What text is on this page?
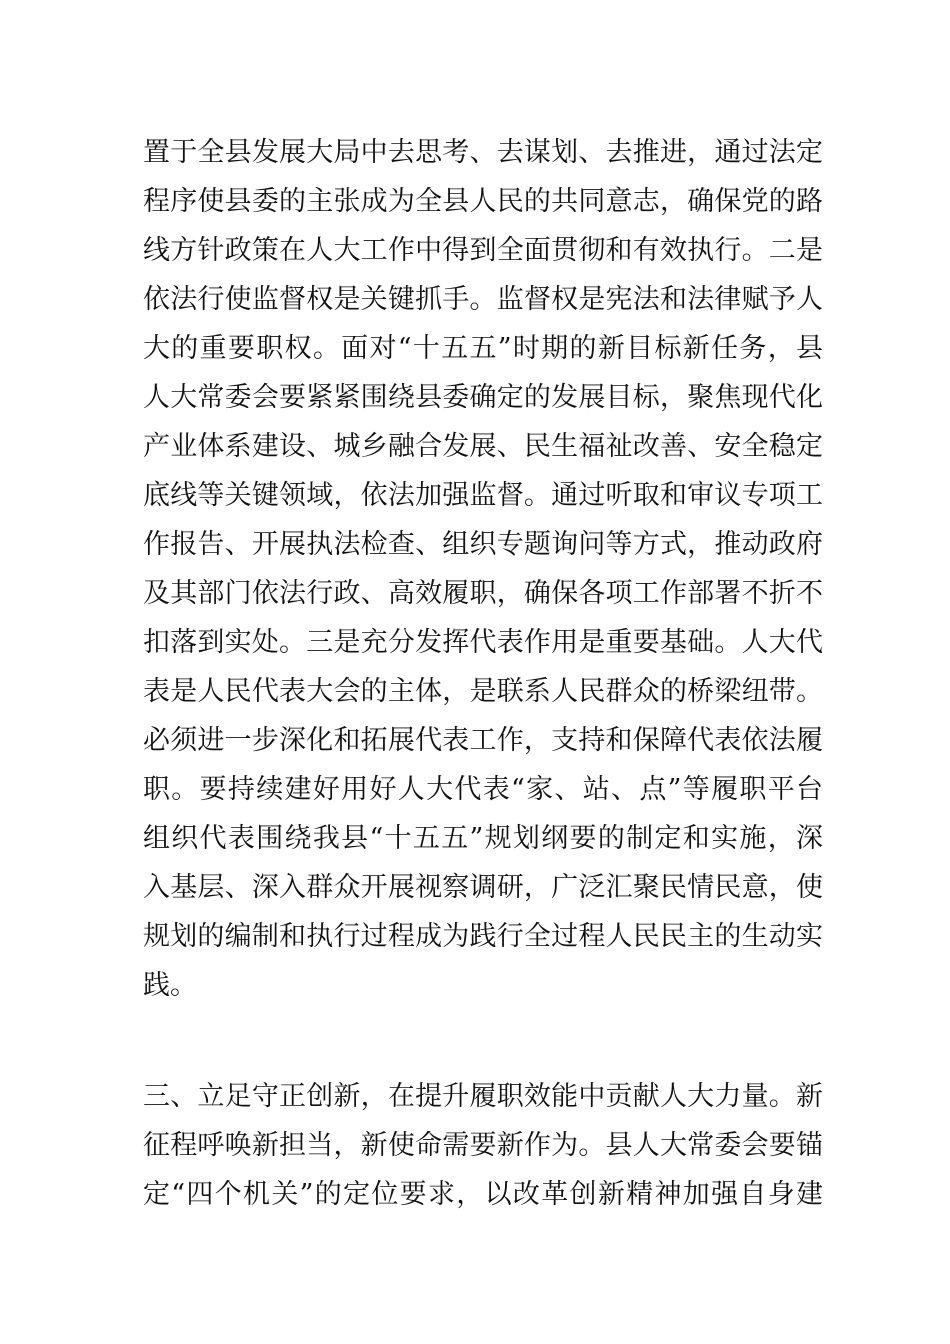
置于全县发展大局中去思考、去谋划、去推进，通过法定
程序使县委的主张成为全县人民的共同意志，确保党的路
线方针政策在人大工作中得到全面贯彻和有效执行。二是
依法行使监督权是关键抓手。监督权是宪法和法律赋予人
大的重要职权。面对“十五五”时期的新目标新任务，县
人大常委会要紧紧围绕县委确定的发展目标，聚焦现代化
产业体系建设、城乡融合发展、民生福祉改善、安全稳定
底线等关键领域，依法加强监督。通过听取和审议专项工
作报告、开展执法检查、组织专题询问等方式，推动政府
及其部门依法行政、高效履职，确保各项工作部署不折不
扣落到实处。三是充分发挥代表作用是重要基础。人大代
表是人民代表大会的主体，是联系人民群众的桥梁纽带。
必须进一步深化和拓展代表工作，支持和保障代表依法履
职。要持续建好用好人大代表“家、站、点”等履职平台
组织代表围绕我县“十五五”规划纲要的制定和实施，深
入基层、深入群众开展视察调研，广泛汇聚民情民意，使
规划的编制和执行过程成为践行全过程人民民主的生动实
践。
三、立足守正创新，在提升履职效能中贡献人大力量。新
征程呼唤新担当，新使命需要新作为。县人大常委会要锚
定“四个机关”的定位要求，以改革创新精神加强自身建
